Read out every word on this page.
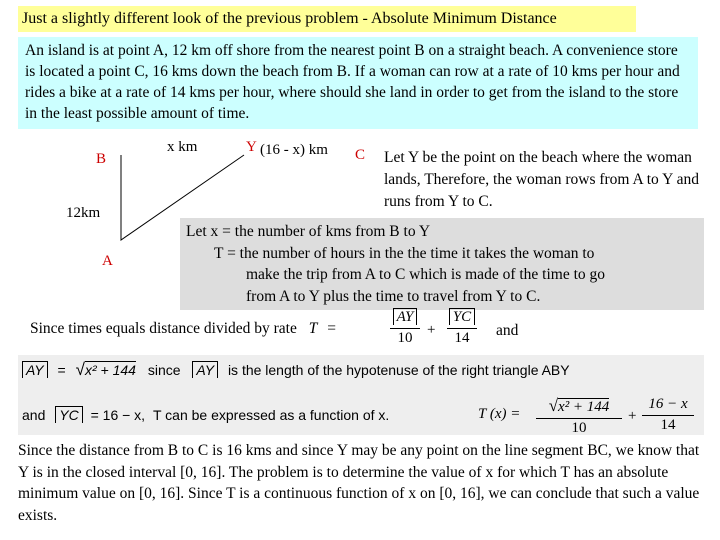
Just a slightly different look of the previous problem - Absolute Minimum Distance
An island is at point A, 12 km off shore from the nearest point B on a straight beach. A convenience store is located a point C, 16 kms down the beach from B. If a woman can row at a rate of 10 kms per hour and rides a bike at a rate of 14 kms per hour, where should she land in order to get from the island to the store in the least possible amount of time.
B
A
Y	C
x km	(16 - x) km
12km
Let Y be the point on the beach where the woman lands, Therefore, the woman rows from A to Y and runs from Y to C.
Let x = the number of kms from B to Y
T = the number of hours in the the time it takes the woman to
make the trip from A to C which is made of the time to go
from A to Y plus the time to travel from Y to C.
Since times equals distance divided by rate T =
AY
10 +
YC
14	and
AY = √x² + 144 since AY is the length of the hypotenuse of the right triangle ABY
and YC = 16 − x, T can be expressed as a function of x.	T (x) =	√x² + 144
10
+
16 − x
14
Since the distance from B to C is 16 kms and since Y may be any point on the line segment BC, we know that Y is in the closed interval [0, 16]. The problem is to determine the value of x for which T has an absolute minimum value on [0, 16]. Since T is a continuous function of x on [0, 16], we can conclude that such a value exists.
